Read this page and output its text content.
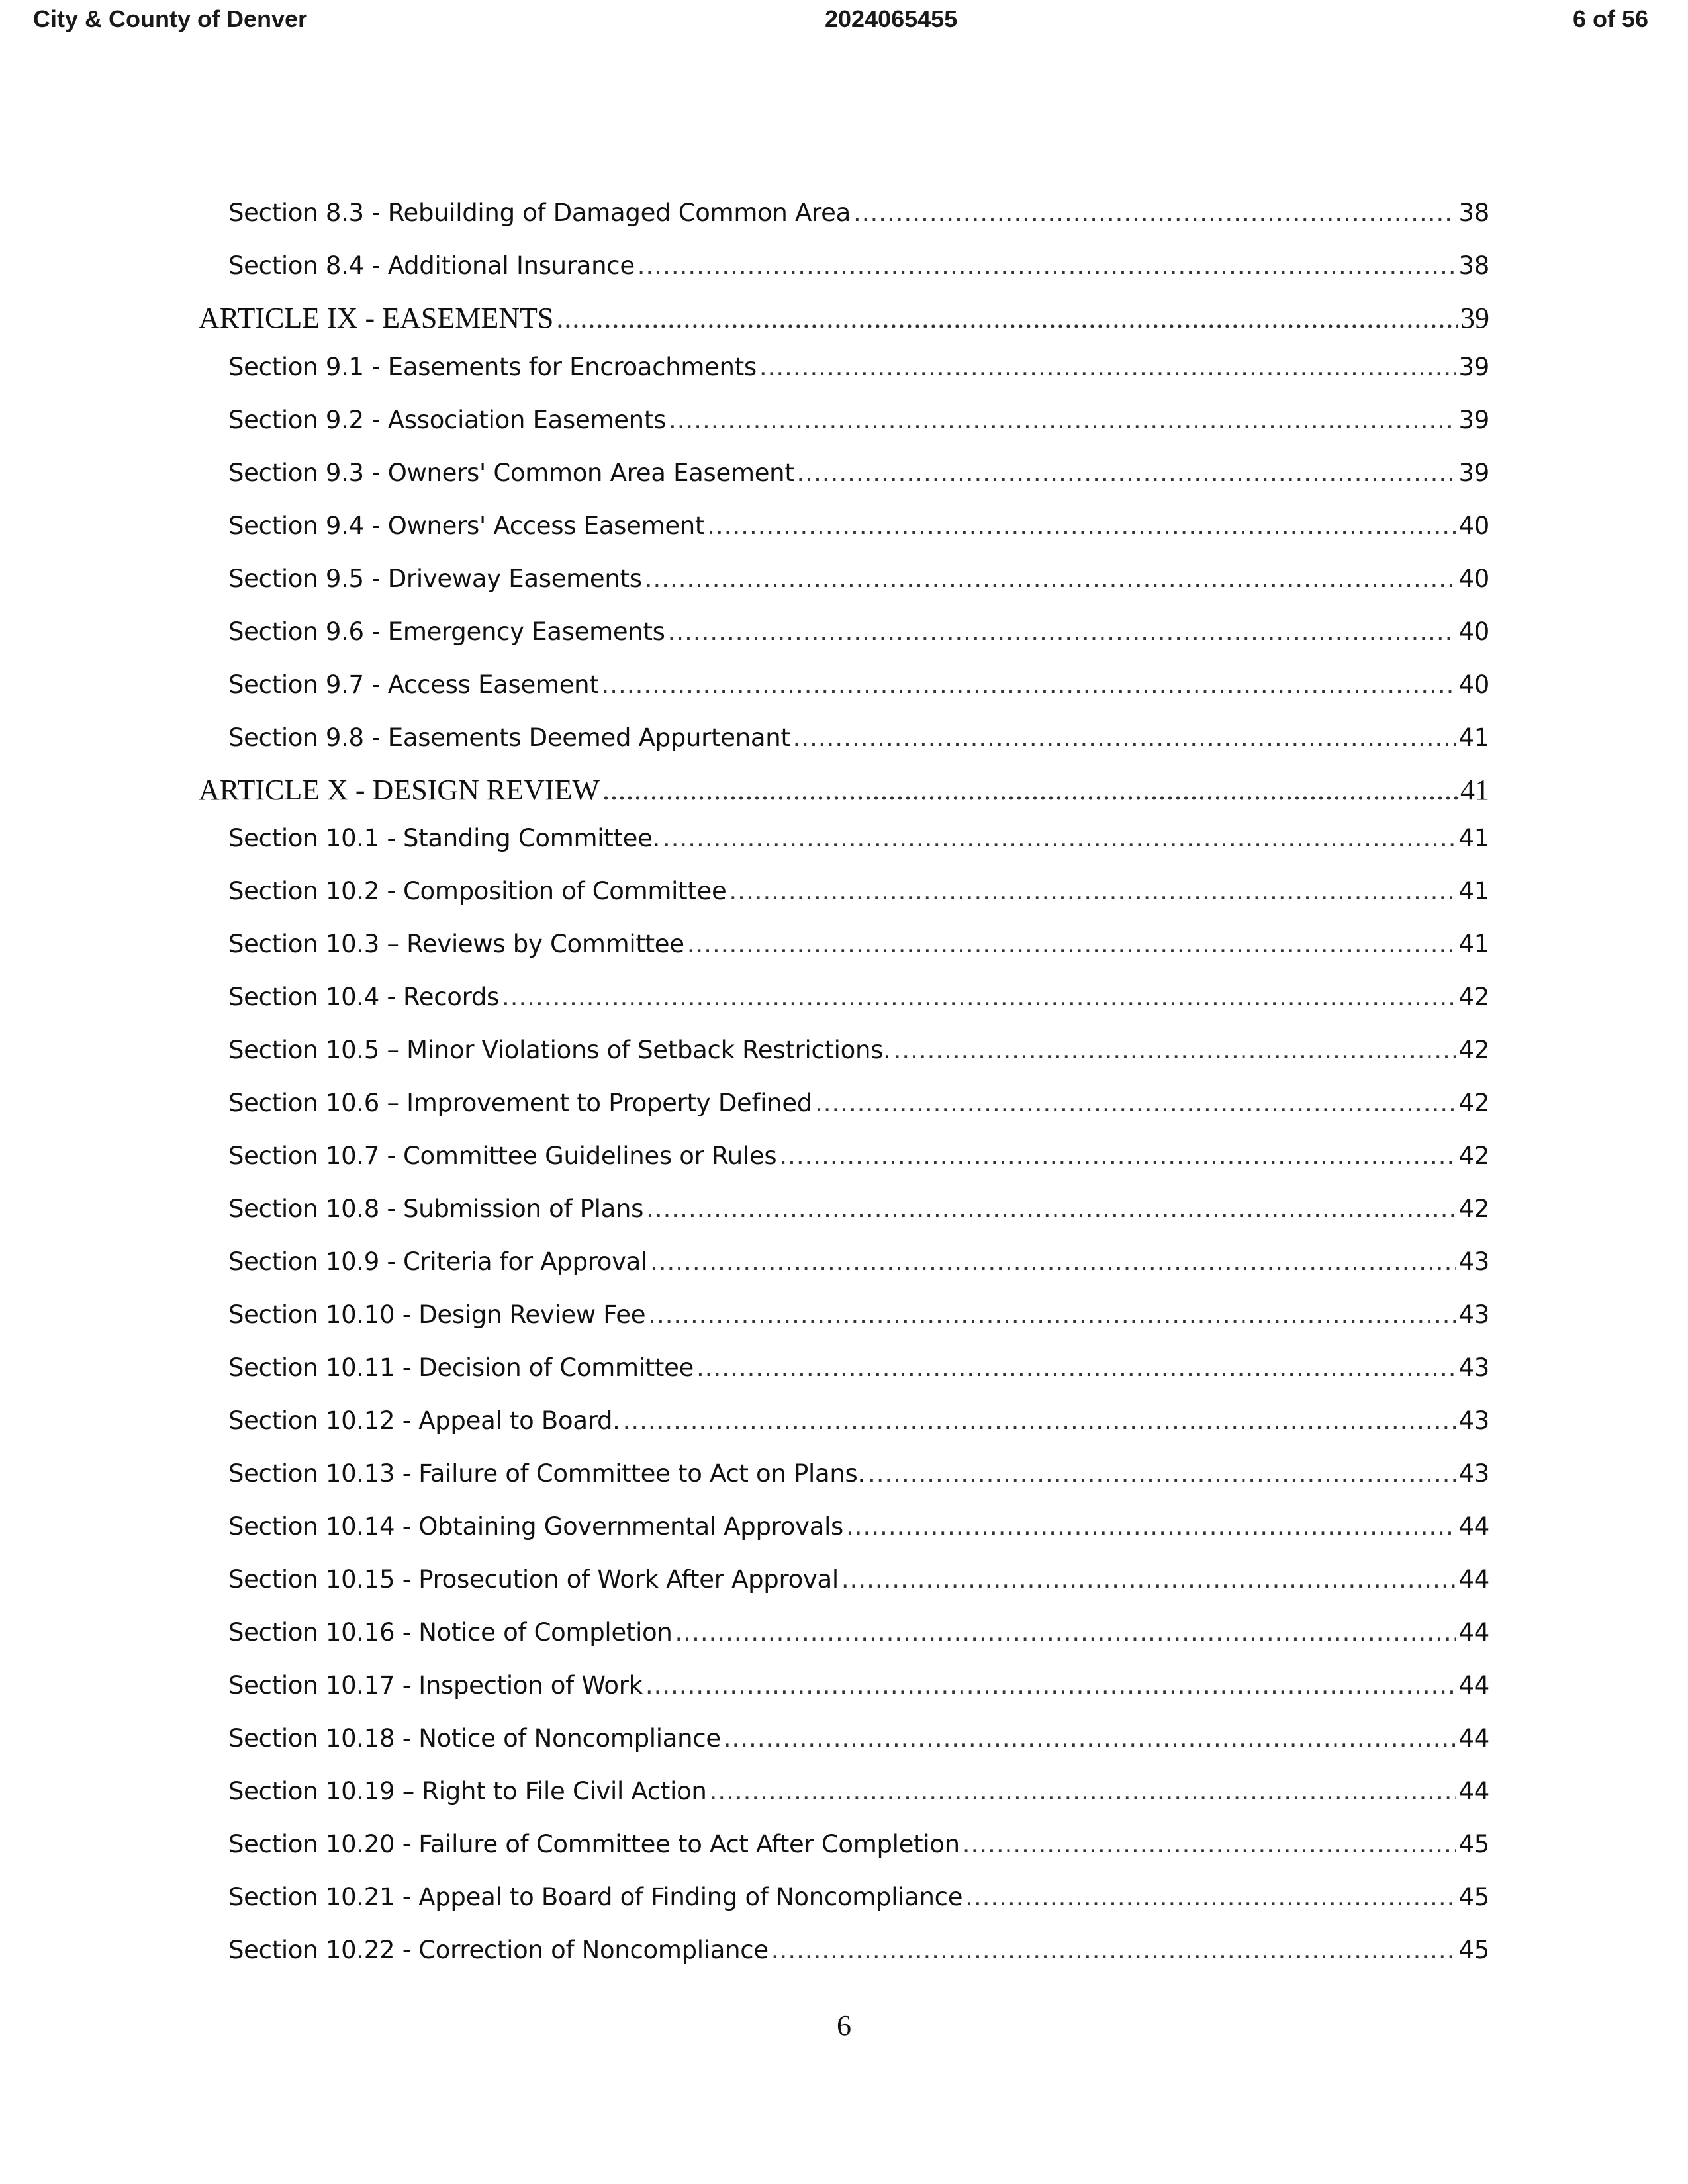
City & County of Denver	2024065455	6 of 56
Section 8.3 - Rebuilding of Damaged Common Area .....	38
Section 8.4 - Additional Insurance .....	38
ARTICLE IX - EASEMENTS .....	39
Section 9.1 - Easements for Encroachments .....	39
Section 9.2 - Association Easements .....	39
Section 9.3 - Owners' Common Area Easement .....	39
Section 9.4 - Owners' Access Easement .....	40
Section 9.5 - Driveway Easements .....	40
Section 9.6 - Emergency Easements .....	40
Section 9.7 - Access Easement .....	40
Section 9.8 - Easements Deemed Appurtenant .....	41
ARTICLE X - DESIGN REVIEW .....	41
Section 10.1 - Standing Committee. .....	41
Section 10.2 - Composition of Committee .....	41
Section 10.3 – Reviews by Committee .....	41
Section 10.4 - Records .....	42
Section 10.5 – Minor Violations of Setback Restrictions. .....	42
Section 10.6 – Improvement to Property Defined .....	42
Section 10.7 - Committee Guidelines or Rules .....	42
Section 10.8 - Submission of Plans .....	42
Section 10.9 - Criteria for Approval .....	43
Section 10.10 - Design Review Fee .....	43
Section 10.11 - Decision of Committee .....	43
Section 10.12 - Appeal to Board. .....	43
Section 10.13 - Failure of Committee to Act on Plans. .....	43
Section 10.14 - Obtaining Governmental Approvals .....	44
Section 10.15 - Prosecution of Work After Approval .....	44
Section 10.16 - Notice of Completion .....	44
Section 10.17 - Inspection of Work .....	44
Section 10.18 - Notice of Noncompliance .....	44
Section 10.19 – Right to File Civil Action .....	44
Section 10.20 - Failure of Committee to Act After Completion .....	45
Section 10.21 - Appeal to Board of Finding of Noncompliance .....	45
Section 10.22 - Correction of Noncompliance .....	45
6
